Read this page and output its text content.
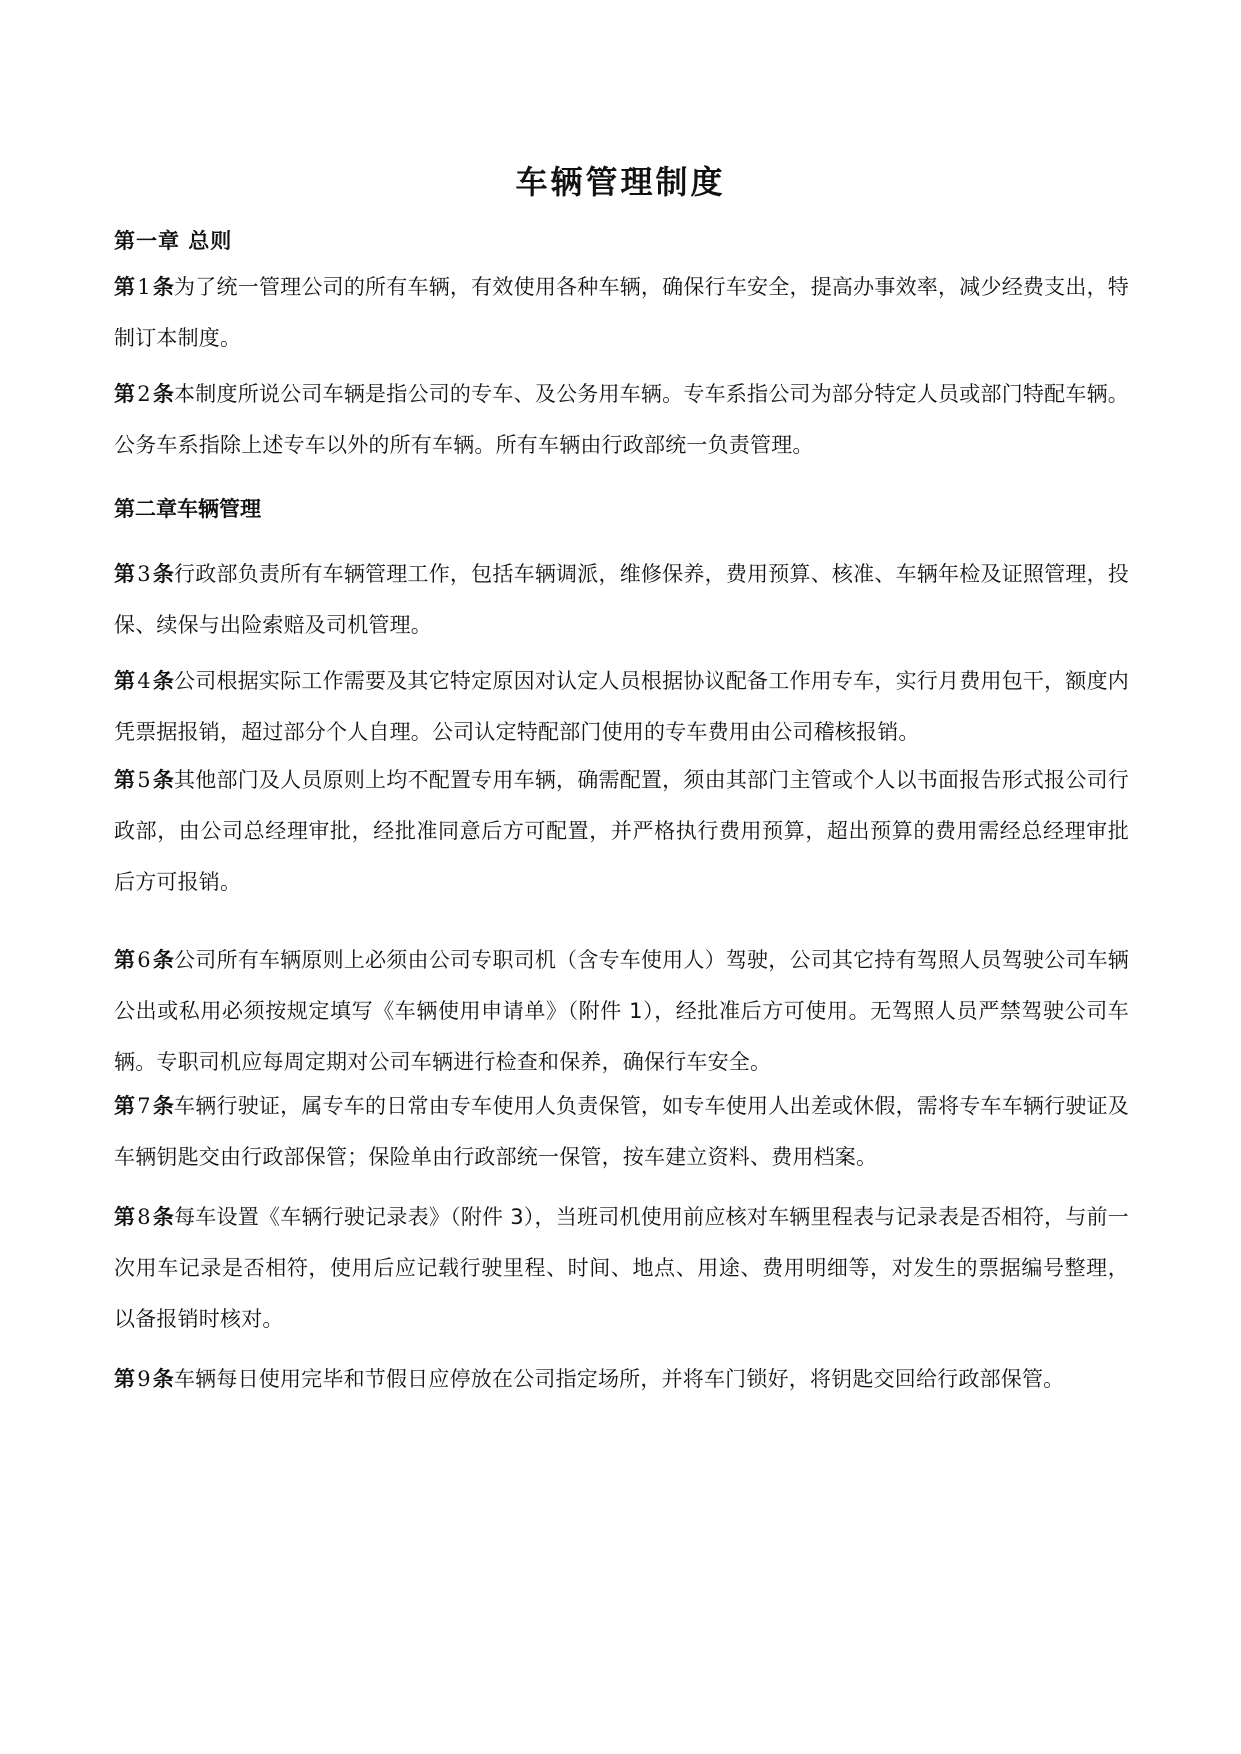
车辆管理制度
第一章 总则
第1条为了统一管理公司的所有车辆，有效使用各种车辆，确保行车安全，提高办事效率，减少经费支出，特制订本制度。
第2条本制度所说公司车辆是指公司的专车、及公务用车辆。专车系指公司为部分特定人员或部门特配车辆。公务车系指除上述专车以外的所有车辆。所有车辆由行政部统一负责管理。
第二章车辆管理
第3条行政部负责所有车辆管理工作，包括车辆调派，维修保养，费用预算、核准、车辆年检及证照管理，投保、续保与出险索赔及司机管理。
第4条公司根据实际工作需要及其它特定原因对认定人员根据协议配备工作用专车，实行月费用包干，额度内凭票据报销，超过部分个人自理。公司认定特配部门使用的专车费用由公司稽核报销。
第5条其他部门及人员原则上均不配置专用车辆，确需配置，须由其部门主管或个人以书面报告形式报公司行政部，由公司总经理审批，经批准同意后方可配置，并严格执行费用预算，超出预算的费用需经总经理审批后方可报销。
第6条公司所有车辆原则上必须由公司专职司机（含专车使用人）驾驶，公司其它持有驾照人员驾驶公司车辆公出或私用必须按规定填写《车辆使用申请单》（附件 1），经批准后方可使用。无驾照人员严禁驾驶公司车辆。专职司机应每周定期对公司车辆进行检查和保养，确保行车安全。
第7条车辆行驶证，属专车的日常由专车使用人负责保管，如专车使用人出差或休假，需将专车车辆行驶证及车辆钥匙交由行政部保管；保险单由行政部统一保管，按车建立资料、费用档案。
第8条每车设置《车辆行驶记录表》（附件 3），当班司机使用前应核对车辆里程表与记录表是否相符，与前一次用车记录是否相符，使用后应记载行驶里程、时间、地点、用途、费用明细等，对发生的票据编号整理，以备报销时核对。
第9条车辆每日使用完毕和节假日应停放在公司指定场所，并将车门锁好，将钥匙交回给行政部保管。
